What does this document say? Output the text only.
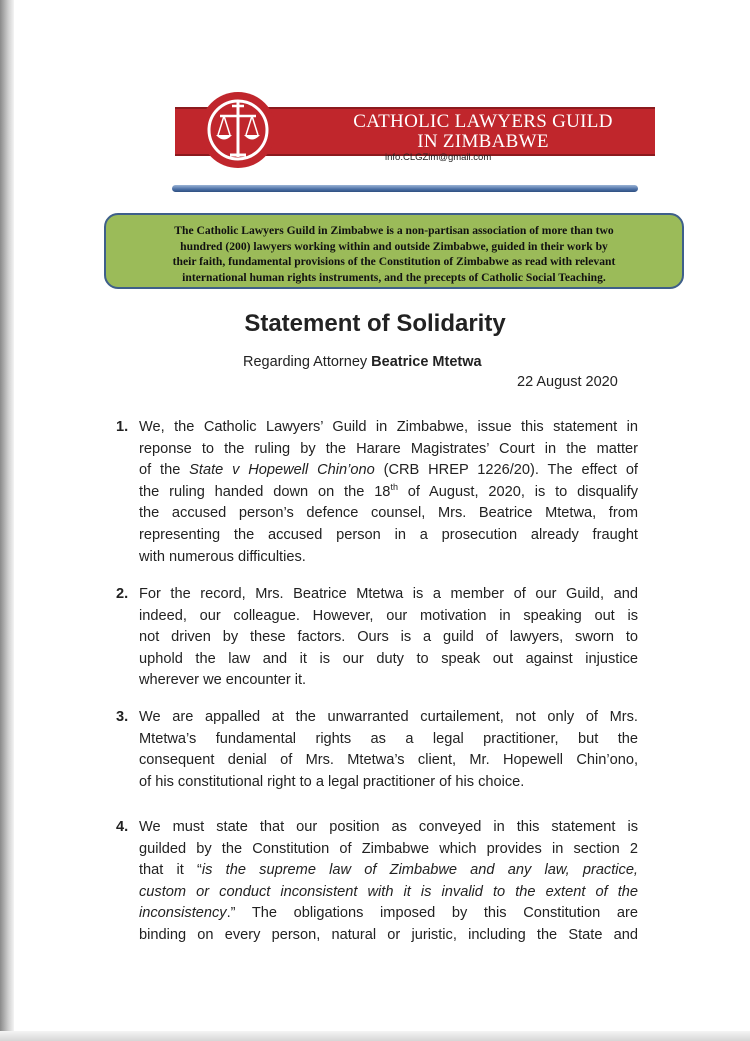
CATHOLIC LAWYERS GUILD
IN ZIMBABWE
info.CLGZim@gmail.com
The Catholic Lawyers Guild in Zimbabwe is a non-partisan association of more than two
hundred (200) lawyers working within and outside Zimbabwe, guided in their work by
their faith, fundamental provisions of the Constitution of Zimbabwe as read with relevant
international human rights instruments, and the precepts of Catholic Social Teaching.
Statement of Solidarity
Regarding Attorney Beatrice Mtetwa
22 August 2020
1. We, the Catholic Lawyers’ Guild in Zimbabwe, issue this statement in
reponse to the ruling by the Harare Magistrates’ Court in the matter
of the State v Hopewell Chin’ono (CRB HREP 1226/20). The effect of
the ruling handed down on the 18th of August, 2020, is to disqualify
the accused person’s defence counsel, Mrs. Beatrice Mtetwa, from
representing the accused person in a prosecution already fraught
with numerous difficulties.
2. For the record, Mrs. Beatrice Mtetwa is a member of our Guild, and
indeed, our colleague. However, our motivation in speaking out is
not driven by these factors. Ours is a guild of lawyers, sworn to
uphold the law and it is our duty to speak out against injustice
wherever we encounter it.
3. We are appalled at the unwarranted curtailement, not only of Mrs.
Mtetwa’s fundamental rights as a legal practitioner, but the
consequent denial of Mrs. Mtetwa’s client, Mr. Hopewell Chin’ono,
of his constitutional right to a legal practitioner of his choice.
4. We must state that our position as conveyed in this statement is
guilded by the Constitution of Zimbabwe which provides in section 2
that it “is the supreme law of Zimbabwe and any law, practice,
custom or conduct inconsistent with it is invalid to the extent of the
inconsistency.” The obligations imposed by this Constitution are
binding on every person, natural or juristic, including the State and
